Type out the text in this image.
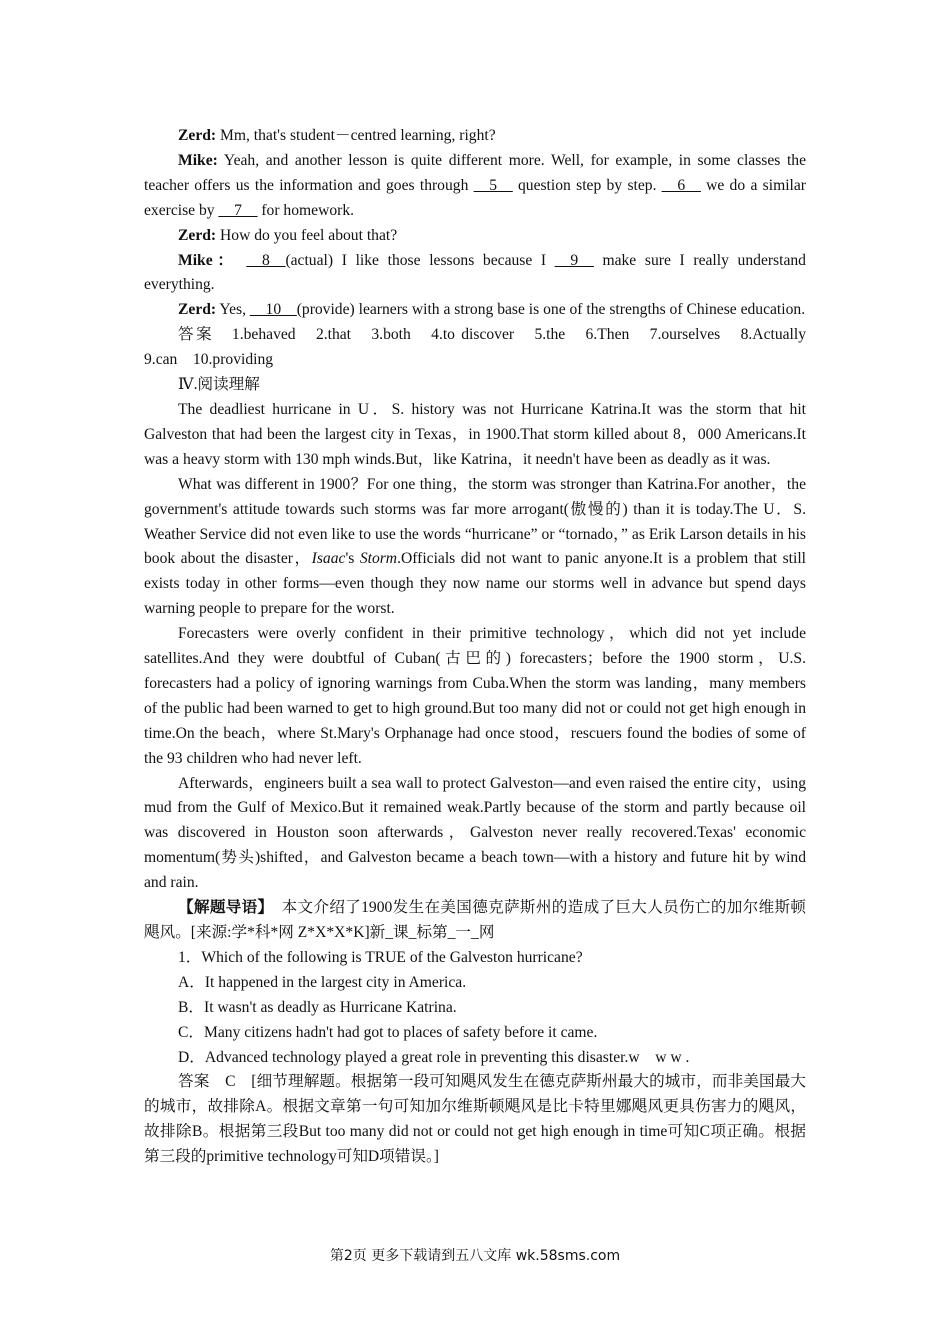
Zerd: Mm, that's student－centred learning, right?

Mike: Yeah, and another lesson is quite different more. Well, for example, in some classes the teacher offers us the information and goes through __5__ question step by step. __6__ we do a similar exercise by __7__ for homework.

Zerd: How do you feel about that?

Mike： __8__(actual) I like those lessons because I __9__ make sure I really understand everything.

Zerd: Yes, __10__(provide) learners with a strong base is one of the strengths of Chinese education.

答案　1.behaved　2.that　3.both　4.to discover　5.the　6.Then　7.ourselves　8.Actually　9.can　10.providing

Ⅳ.阅读理解

The deadliest hurricane in U．S. history was not Hurricane Katrina.It was the storm that hit Galveston that had been the largest city in Texas，in 1900.That storm killed about 8，000 Americans.It was a heavy storm with 130 mph winds.But，like Katrina，it needn't have been as deadly as it was.

What was different in 1900？For one thing，the storm was stronger than Katrina.For another，the government's attitude towards such storms was far more arrogant(傲慢的) than it is today.The U．S. Weather Service did not even like to use the words “hurricane” or “tornado，” as Erik Larson details in his book about the disaster，Isaac's Storm.Officials did not want to panic anyone.It is a problem that still exists today in other forms—even though they now name our storms well in advance but spend days warning people to prepare for the worst.

Forecasters were overly confident in their primitive technology，which did not yet include satellites.And they were doubtful of Cuban(古巴的) forecasters；before the 1900 storm，U.S. forecasters had a policy of ignoring warnings from Cuba.When the storm was landing，many members of the public had been warned to get to high ground.But too many did not or could not get high enough in time.On the beach，where St.Mary's Orphanage had once stood，rescuers found the bodies of some of the 93 children who had never left.

Afterwards，engineers built a sea wall to protect Galveston—and even raised the entire city，using mud from the Gulf of Mexico.But it remained weak.Partly because of the storm and partly because oil was discovered in Houston soon afterwards，Galveston never really recovered.Texas' economic momentum(势头)shifted，and Galveston became a beach town—with a history and future hit by wind and rain.

【解题导语】　本文介绍了1900发生在美国德克萨斯州的造成了巨大人员伤亡的加尔维斯顿飓风。[来源:学*科*网 Z*X*X*K]新_课_标第_一_网

1．Which of the following is TRUE of the Galveston hurricane?

A．It happened in the largest city in America.

B．It wasn't as deadly as Hurricane Katrina.

C．Many citizens hadn't had got to places of safety before it came.

D．Advanced technology played a great role in preventing this disaster.w　w w .

答案　C　[细节理解题。根据第一段可知飓风发生在德克萨斯州最大的城市，而非美国最大的城市，故排除A。根据文章第一句可知加尔维斯顿飓风是比卡特里娜飓风更具伤害力的飓风，故排除B。根据第三段But too many did not or could not get high enough in time可知C项正确。根据第三段的primitive technology可知D项错误。]

第2页 更多下载请到五八文库 wk.58sms.com
